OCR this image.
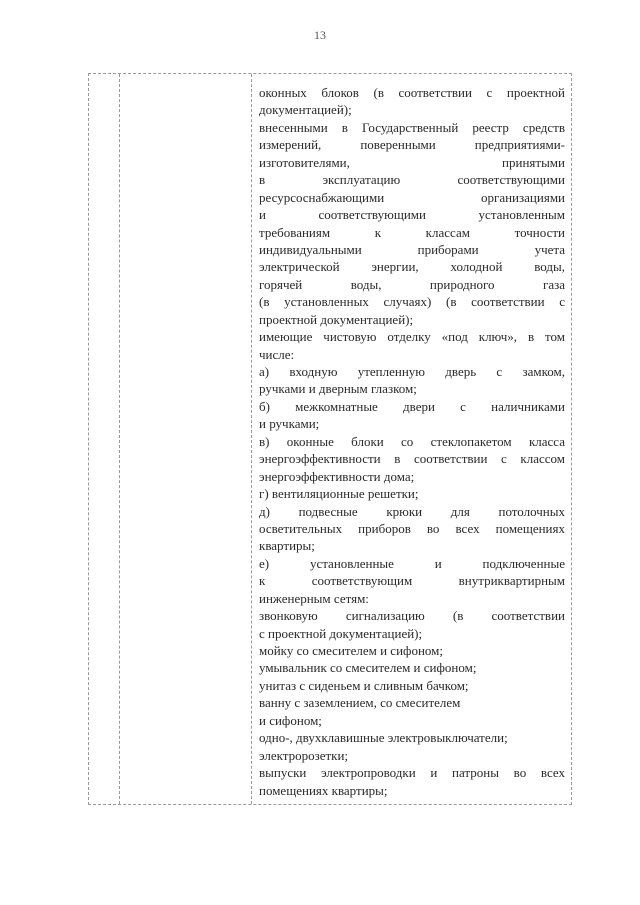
13
оконных блоков (в соответствии с проектной
документацией);
внесенными в Государственный реестр средств
измерений, поверенными предприятиями-
изготовителями, принятыми
в эксплуатацию соответствующими
ресурсоснабжающими организациями
и соответствующими установленным
требованиям к классам точности
индивидуальными приборами учета
электрической энергии, холодной воды,
горячей воды, природного газа
(в установленных случаях) (в соответствии с
проектной документацией);
имеющие чистовую отделку «под ключ», в том
числе:
а) входную утепленную дверь с замком,
ручками и дверным глазком;
б) межкомнатные двери с наличниками
и ручками;
в) оконные блоки со стеклопакетом класса
энергоэффективности в соответствии с классом
энергоэффективности дома;
г) вентиляционные решетки;
д) подвесные крюки для потолочных
осветительных приборов во всех помещениях
квартиры;
е) установленные и подключенные
к соответствующим внутриквартирным
инженерным сетям:
звонковую сигнализацию (в соответствии
с проектной документацией);
мойку со смесителем и сифоном;
умывальник со смесителем и сифоном;
унитаз с сиденьем и сливным бачком;
ванну с заземлением, со смесителем
и сифоном;
одно-, двухклавишные электровыключатели;
электророзетки;
выпуски электропроводки и патроны во всех
помещениях квартиры;
